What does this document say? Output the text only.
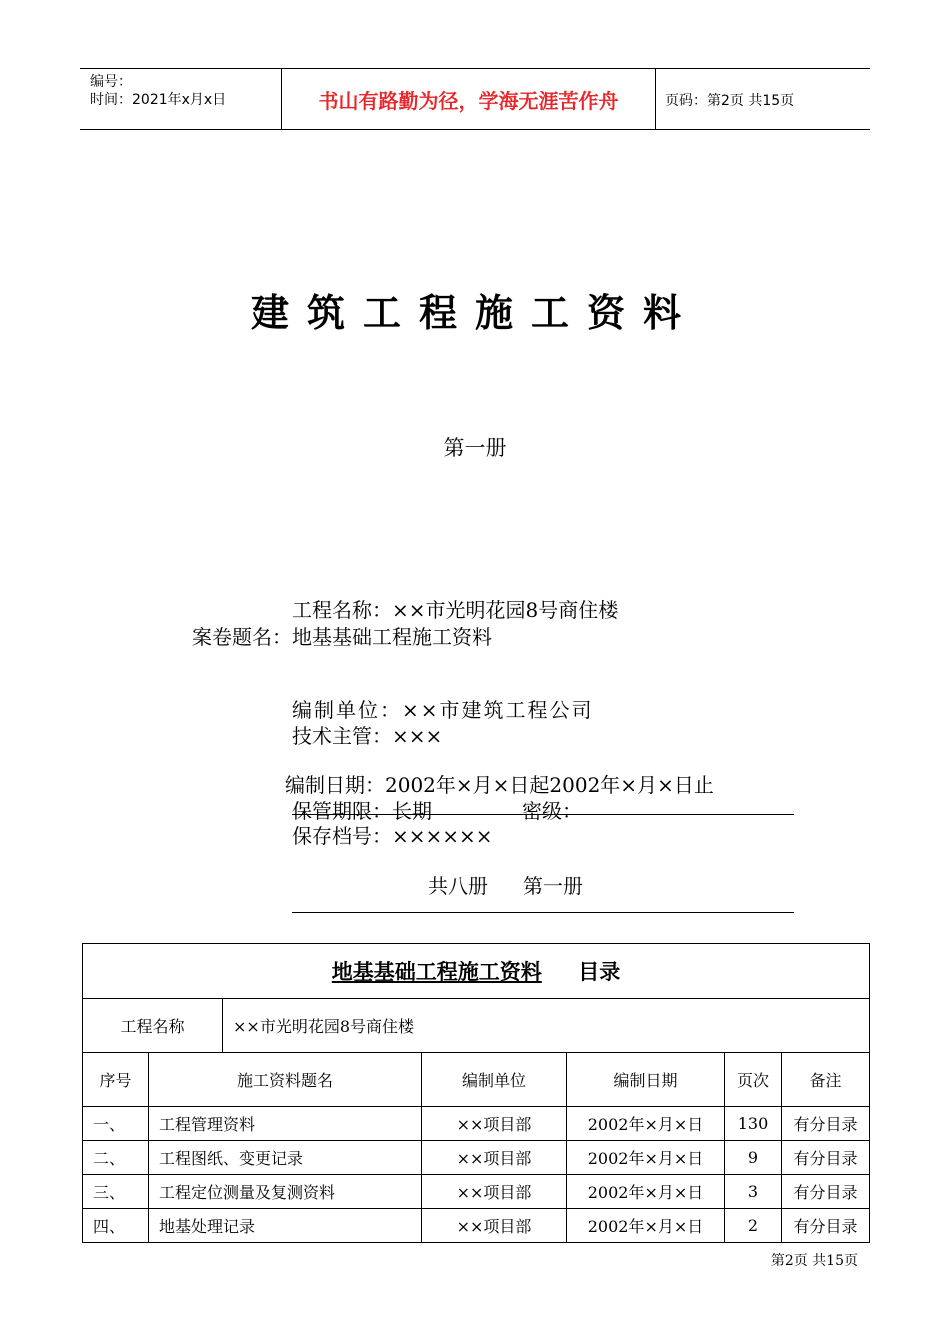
编号：
时间：2021年x月x日	书山有路勤为径，学海无涯苦作舟	页码：第2页 共15页
建筑工程施工资料
第一册
工程名称：××市光明花园8号商住楼
案卷题名：地基基础工程施工资料
编制单位：××市建筑工程公司
技术主管：×××
编制日期：2002年×月×日起2002年×月×日止
保管期限：长期	密级：
保存档号：××××××
共八册 第一册
地基基础工程施工资料 目录						
工程名称		××市光明花园8号商住楼				
序号	施工资料题名		编制单位	编制日期	页次	备注
一、	工程管理资料		××项目部	2002年×月×日	130	有分目录
二、	工程图纸、变更记录		××项目部	2002年×月×日	9	有分目录
三、	工程定位测量及复测资料		××项目部	2002年×月×日	3	有分目录
四、	地基处理记录		××项目部	2002年×月×日	2	有分目录
第2页 共15页
